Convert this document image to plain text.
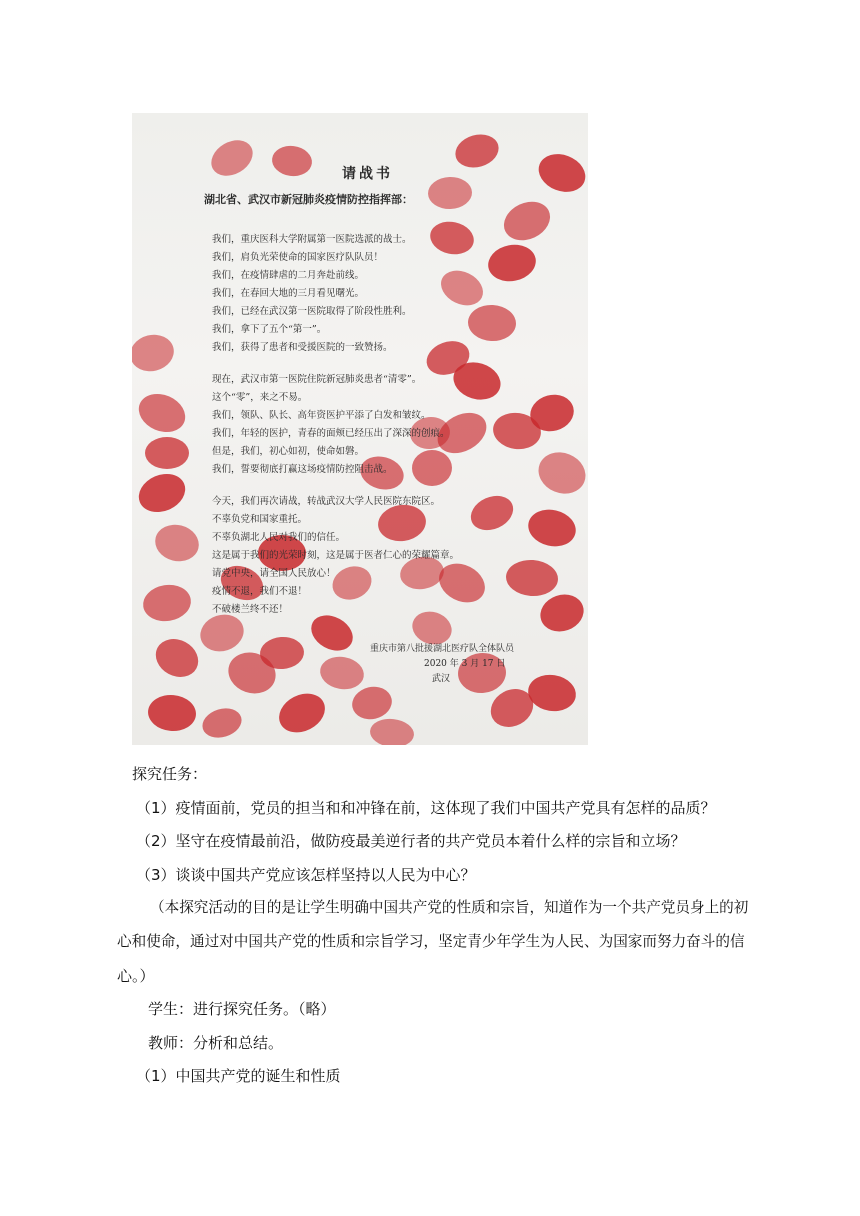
请战书
湖北省、武汉市新冠肺炎疫情防控指挥部：
我们，重庆医科大学附属第一医院选派的战士。
我们，肩负光荣使命的国家医疗队队员！
我们，在疫情肆虐的二月奔赴前线。
我们，在春回大地的三月看见曙光。
我们，已经在武汉第一医院取得了阶段性胜利。
我们，拿下了五个“第一”。
我们，获得了患者和受援医院的一致赞扬。
现在，武汉市第一医院住院新冠肺炎患者“清零”。
这个“零”，来之不易。
我们，领队、队长、高年资医护平添了白发和皱纹。
我们，年轻的医护，青春的面颊已经压出了深深的创痕。
但是，我们，初心如初，使命如磐。
我们，誓要彻底打赢这场疫情防控阻击战。
今天，我们再次请战，转战武汉大学人民医院东院区。
不辜负党和国家重托。
不辜负湖北人民对我们的信任。
这是属于我们的光荣时刻，这是属于医者仁心的荣耀篇章。
请党中央，请全国人民放心！
疫情不退，我们不退！
不破楼兰终不还！
重庆市第八批援湖北医疗队全体队员
2020 年 3 月 17 日
武汉
探究任务：
（1）疫情面前，党员的担当和和冲锋在前，这体现了我们中国共产党具有怎样的品质？
（2）坚守在疫情最前沿，做防疫最美逆行者的共产党员本着什么样的宗旨和立场？
（3）谈谈中国共产党应该怎样坚持以人民为中心？
（本探究活动的目的是让学生明确中国共产党的性质和宗旨，知道作为一个共产党员身上的初
心和使命，通过对中国共产党的性质和宗旨学习，坚定青少年学生为人民、为国家而努力奋斗的信
心。）
学生：进行探究任务。（略）
教师：分析和总结。
（1）中国共产党的诞生和性质
